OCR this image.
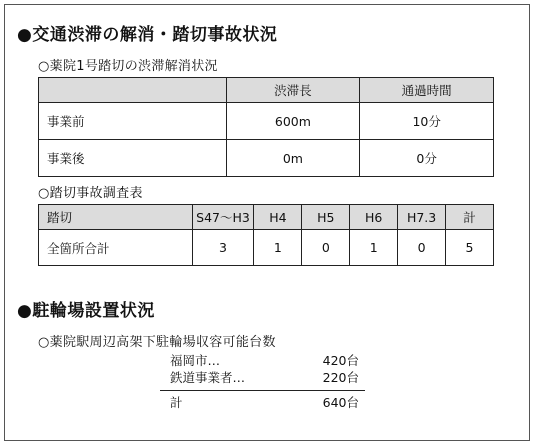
●交通渋滞の解消・踏切事故状況
○薬院1号踏切の渋滞解消状況
	渋滞長	通過時間
事業前	600m	10分
事業後	0m	0分
○踏切事故調査表
踏切	S47〜H3	H4	H5	H6	H7.3	計
全箇所合計	3	1	0	1	0	5
●駐輪場設置状況
○薬院駅周辺高架下駐輪場収容可能台数
福岡市…	420台
鉄道事業者…	220台
計	640台
